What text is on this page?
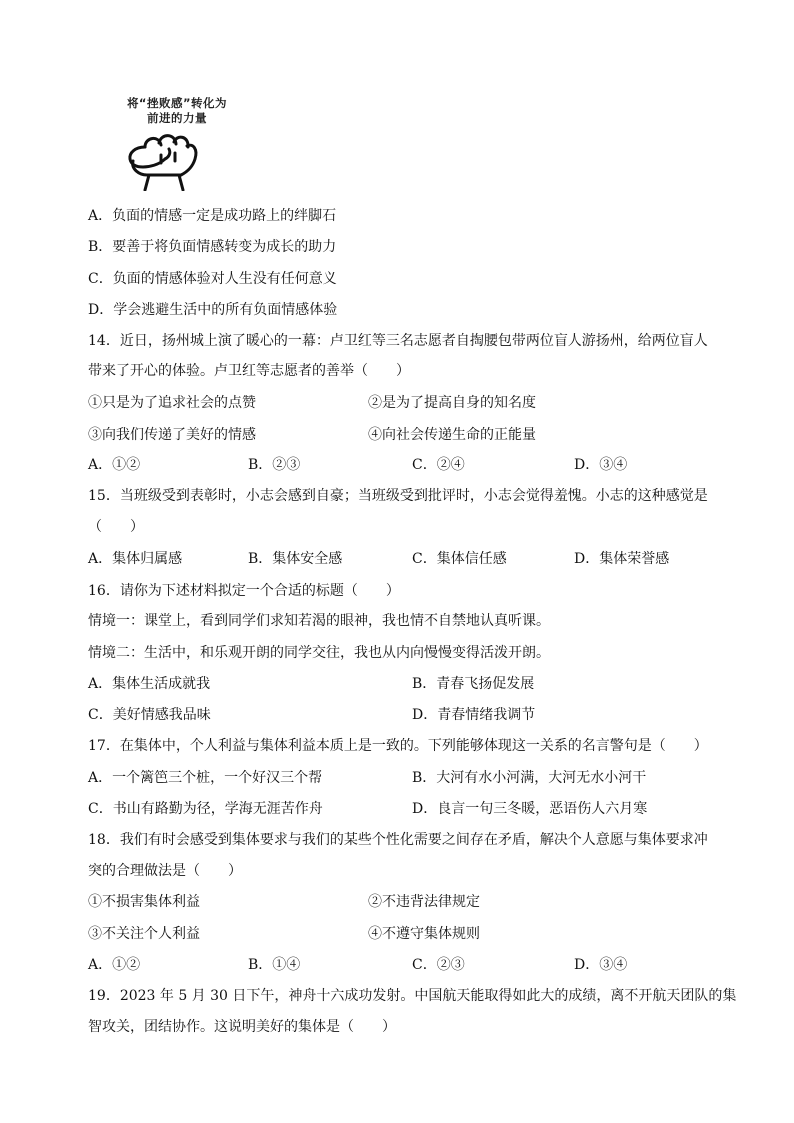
将“挫败感”转化为
前进的力量
A．负面的情感一定是成功路上的绊脚石
B．要善于将负面情感转变为成长的助力
C．负面的情感体验对人生没有任何意义
D．学会逃避生活中的所有负面情感体验
14．近日，扬州城上演了暖心的一幕：卢卫红等三名志愿者自掏腰包带两位盲人游扬州，给两位盲人
带来了开心的体验。卢卫红等志愿者的善举（　　）
①只是为了追求社会的点赞	②是为了提高自身的知名度
③向我们传递了美好的情感	④向社会传递生命的正能量
A．①②	B．②③	C．②④	D．③④
15．当班级受到表彰时，小志会感到自豪；当班级受到批评时，小志会觉得羞愧。小志的这种感觉是
（　　）
A．集体归属感	B．集体安全感	C．集体信任感	D．集体荣誉感
16．请你为下述材料拟定一个合适的标题（　　）
情境一：课堂上，看到同学们求知若渴的眼神，我也情不自禁地认真听课。
情境二：生活中，和乐观开朗的同学交往，我也从内向慢慢变得活泼开朗。
A．集体生活成就我	B．青春飞扬促发展
C．美好情感我品味	D．青春情绪我调节
17．在集体中，个人利益与集体利益本质上是一致的。下列能够体现这一关系的名言警句是（　　）
A．一个篱笆三个桩，一个好汉三个帮	B．大河有水小河满，大河无水小河干
C．书山有路勤为径，学海无涯苦作舟	D．良言一句三冬暖，恶语伤人六月寒
18．我们有时会感受到集体要求与我们的某些个性化需要之间存在矛盾，解决个人意愿与集体要求冲
突的合理做法是（　　）
①不损害集体利益	②不违背法律规定
③不关注个人利益	④不遵守集体规则
A．①②	B．①④	C．②③	D．③④
19．2023 年 5 月 30 日下午，神舟十六成功发射。中国航天能取得如此大的成绩，离不开航天团队的集
智攻关，团结协作。这说明美好的集体是（　　）
